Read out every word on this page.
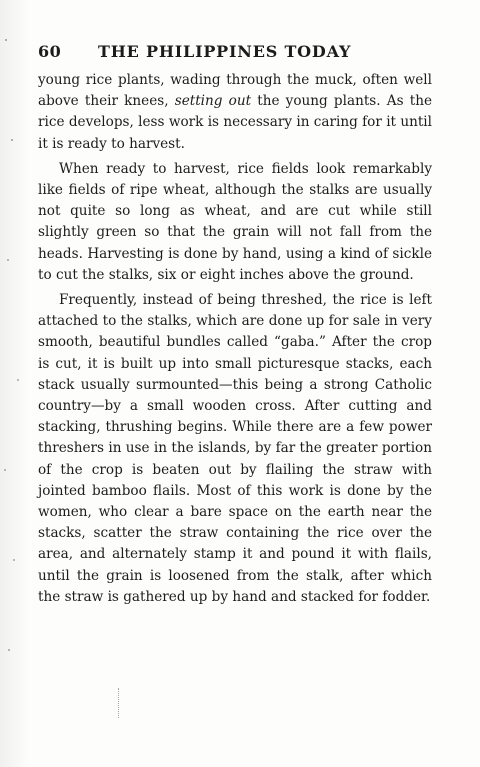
60	THE PHILIPPINES TODAY

young rice plants, wading through the muck, often well above their knees, setting out the young plants. As the rice develops, less work is necessary in caring for it until it is ready to harvest.

When ready to harvest, rice fields look remarkably like fields of ripe wheat, although the stalks are usually not quite so long as wheat, and are cut while still slightly green so that the grain will not fall from the heads. Harvesting is done by hand, using a kind of sickle to cut the stalks, six or eight inches above the ground.

Frequently, instead of being threshed, the rice is left attached to the stalks, which are done up for sale in very smooth, beautiful bundles called “gaba.” After the crop is cut, it is built up into small picturesque stacks, each stack usually surmounted—this being a strong Catholic country—by a small wooden cross. After cutting and stacking, thrushing begins. While there are a few power threshers in use in the islands, by far the greater portion of the crop is beaten out by flailing the straw with jointed bamboo flails. Most of this work is done by the women, who clear a bare space on the earth near the stacks, scatter the straw containing the rice over the area, and alternately stamp it and pound it with flails, until the grain is loosened from the stalk, after which the straw is gathered up by hand and stacked for fodder.
